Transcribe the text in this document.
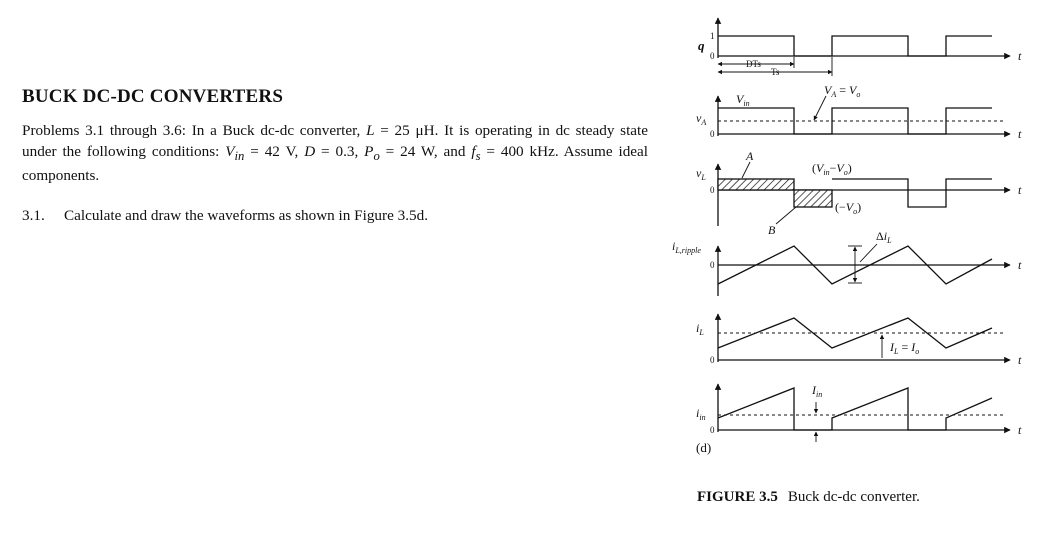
BUCK DC-DC CONVERTERS

Problems 3.1 through 3.6: In a Buck dc-dc converter, L = 25 μH. It is operating in dc steady state under the following conditions: $V_{in} = 42$ V, D = 0.3, $P_o = 24$ W, and $f_s = 400$ kHz. Assume ideal components.

3.1. Calculate and draw the waveforms as shown in Figure 3.5d.

q
1
0
DTs
Ts
t
$v_A$
0
$V_{in}$
$V_A = V_o$
t
$v_L$
0
A
B
$(V_{in}-V_o)$
$(-V_o)$
t
$i_{L,ripple}$
0
$\Delta i_L$
t
$i_L$
0
$I_L = I_o$
t
$i_{in}$
0
$I_{in}$
t
(d)
FIGURE 3.5 Buck dc-dc converter.
